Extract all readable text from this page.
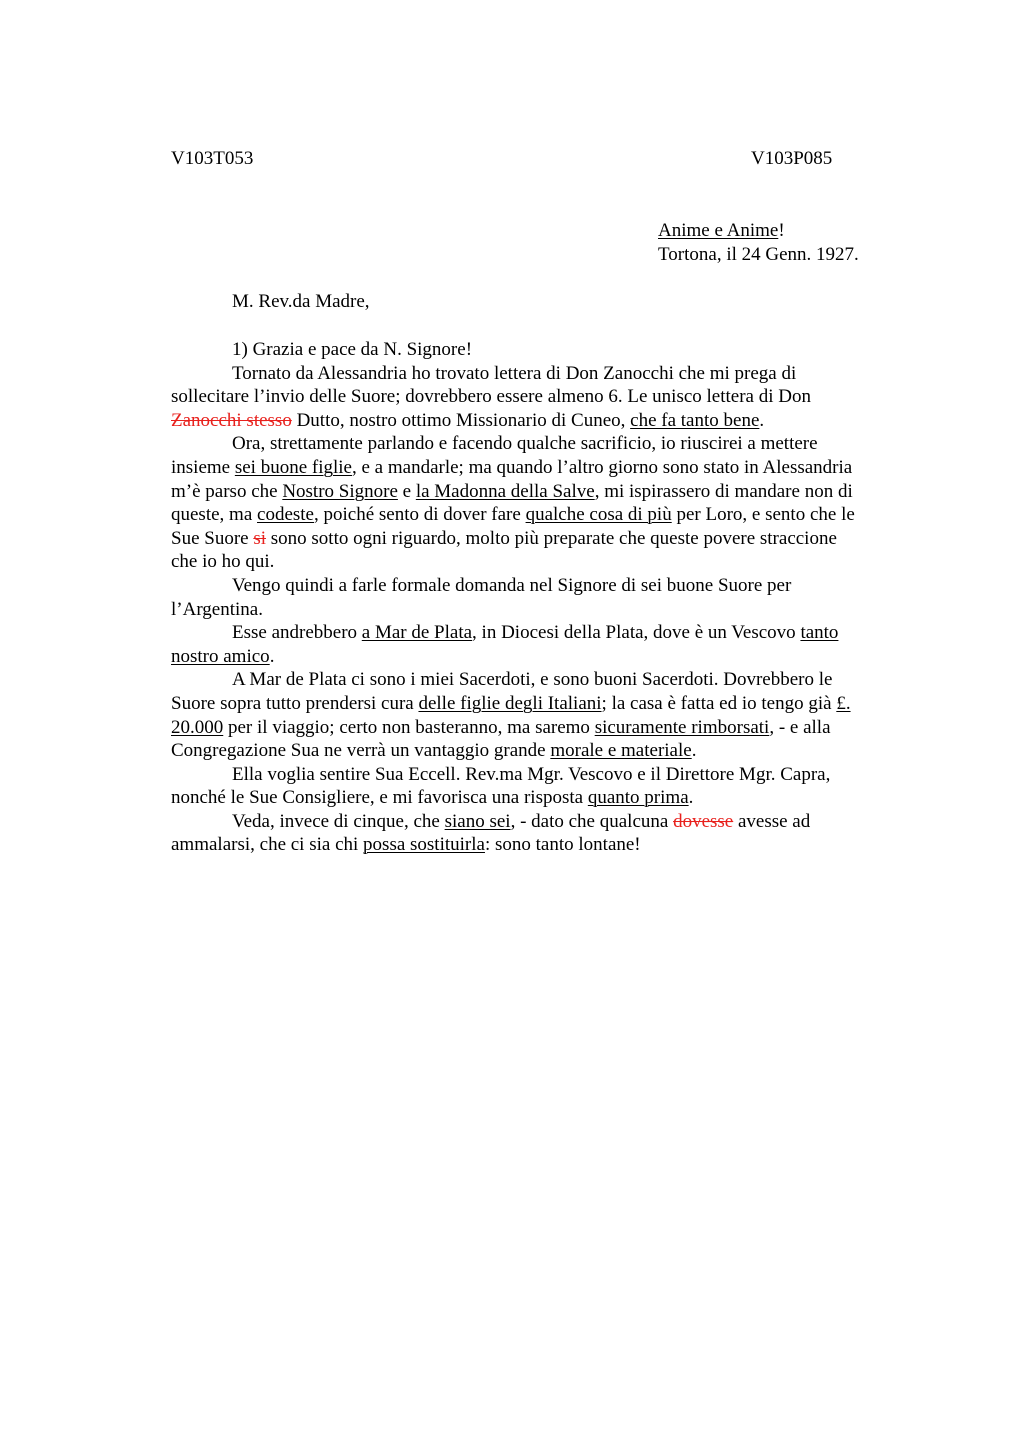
V103T053	V103P085
Anime e Anime!
Tortona, il 24 Genn. 1927.
M. Rev.da Madre,
1) Grazia e pace da N. Signore!
Tornato da Alessandria ho trovato lettera di Don Zanocchi che mi prega di
sollecitare l’invio delle Suore; dovrebbero essere almeno 6. Le unisco lettera di Don
Zanocchi stesso Dutto, nostro ottimo Missionario di Cuneo, che fa tanto bene.
Ora, strettamente parlando e facendo qualche sacrificio, io riuscirei a mettere
insieme sei buone figlie, e a mandarle; ma quando l’altro giorno sono stato in Alessandria
m’è parso che Nostro Signore e la Madonna della Salve, mi ispirassero di mandare non di
queste, ma codeste, poiché sento di dover fare qualche cosa di più per Loro, e sento che le
Sue Suore si sono sotto ogni riguardo, molto più preparate che queste povere straccione
che io ho qui.
Vengo quindi a farle formale domanda nel Signore di sei buone Suore per
l’Argentina.
Esse andrebbero a Mar de Plata, in Diocesi della Plata, dove è un Vescovo tanto
nostro amico.
A Mar de Plata ci sono i miei Sacerdoti, e sono buoni Sacerdoti. Dovrebbero le
Suore sopra tutto prendersi cura delle figlie degli Italiani; la casa è fatta ed io tengo già £.
20.000 per il viaggio; certo non basteranno, ma saremo sicuramente rimborsati, - e alla
Congregazione Sua ne verrà un vantaggio grande morale e materiale.
Ella voglia sentire Sua Eccell. Rev.ma Mgr. Vescovo e il Direttore Mgr. Capra,
nonché le Sue Consigliere, e mi favorisca una risposta quanto prima.
Veda, invece di cinque, che siano sei, - dato che qualcuna dovesse avesse ad
ammalarsi, che ci sia chi possa sostituirla: sono tanto lontane!
